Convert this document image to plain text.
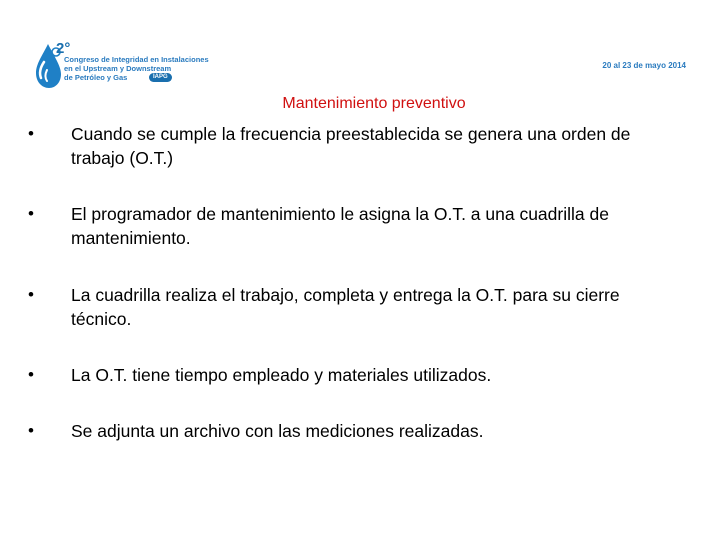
2°
Congreso de Integridad en Instalaciones
en el Upstream y Downstream
de Petróleo y Gas	IAPG
20 al 23 de mayo 2014
Mantenimiento preventivo
•	Cuando se cumple la frecuencia preestablecida se genera una orden de trabajo (O.T.)
•	El programador de mantenimiento le asigna la O.T. a una cuadrilla de mantenimiento.
•	La cuadrilla realiza el trabajo, completa y entrega la O.T. para su cierre técnico.
•	La O.T. tiene tiempo empleado y materiales utilizados.
•	Se adjunta un archivo con las mediciones realizadas.
